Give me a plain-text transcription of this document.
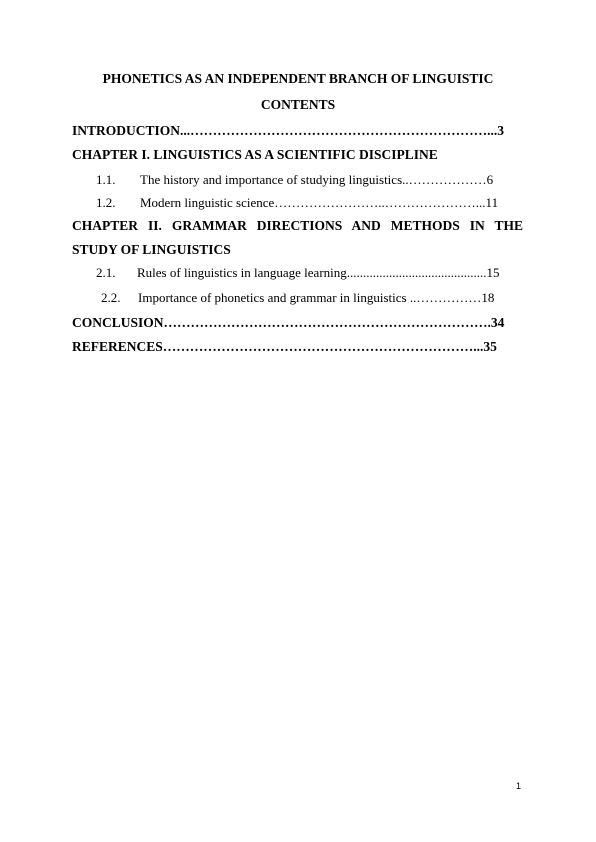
PHONETICS AS AN INDEPENDENT BRANCH OF LINGUISTIC
CONTENTS
INTRODUCTION...…………………………………………………………...3
CHAPTER I. LINGUISTICS AS A SCIENTIFIC DISCIPLINE
1.1. The history and importance of studying linguistics..………………6
1.2. Modern linguistic science……………………..…………………...11
CHAPTER II. GRAMMAR DIRECTIONS AND METHODS IN THE
STUDY OF LINGUISTICS
2.1. Rules of linguistics in language learning...........................................15
2.2. Importance of phonetics and grammar in linguistics ..……………18
CONCLUSION……………………………………………………………….34
REFERENCES……………………………………………………………...35
1
